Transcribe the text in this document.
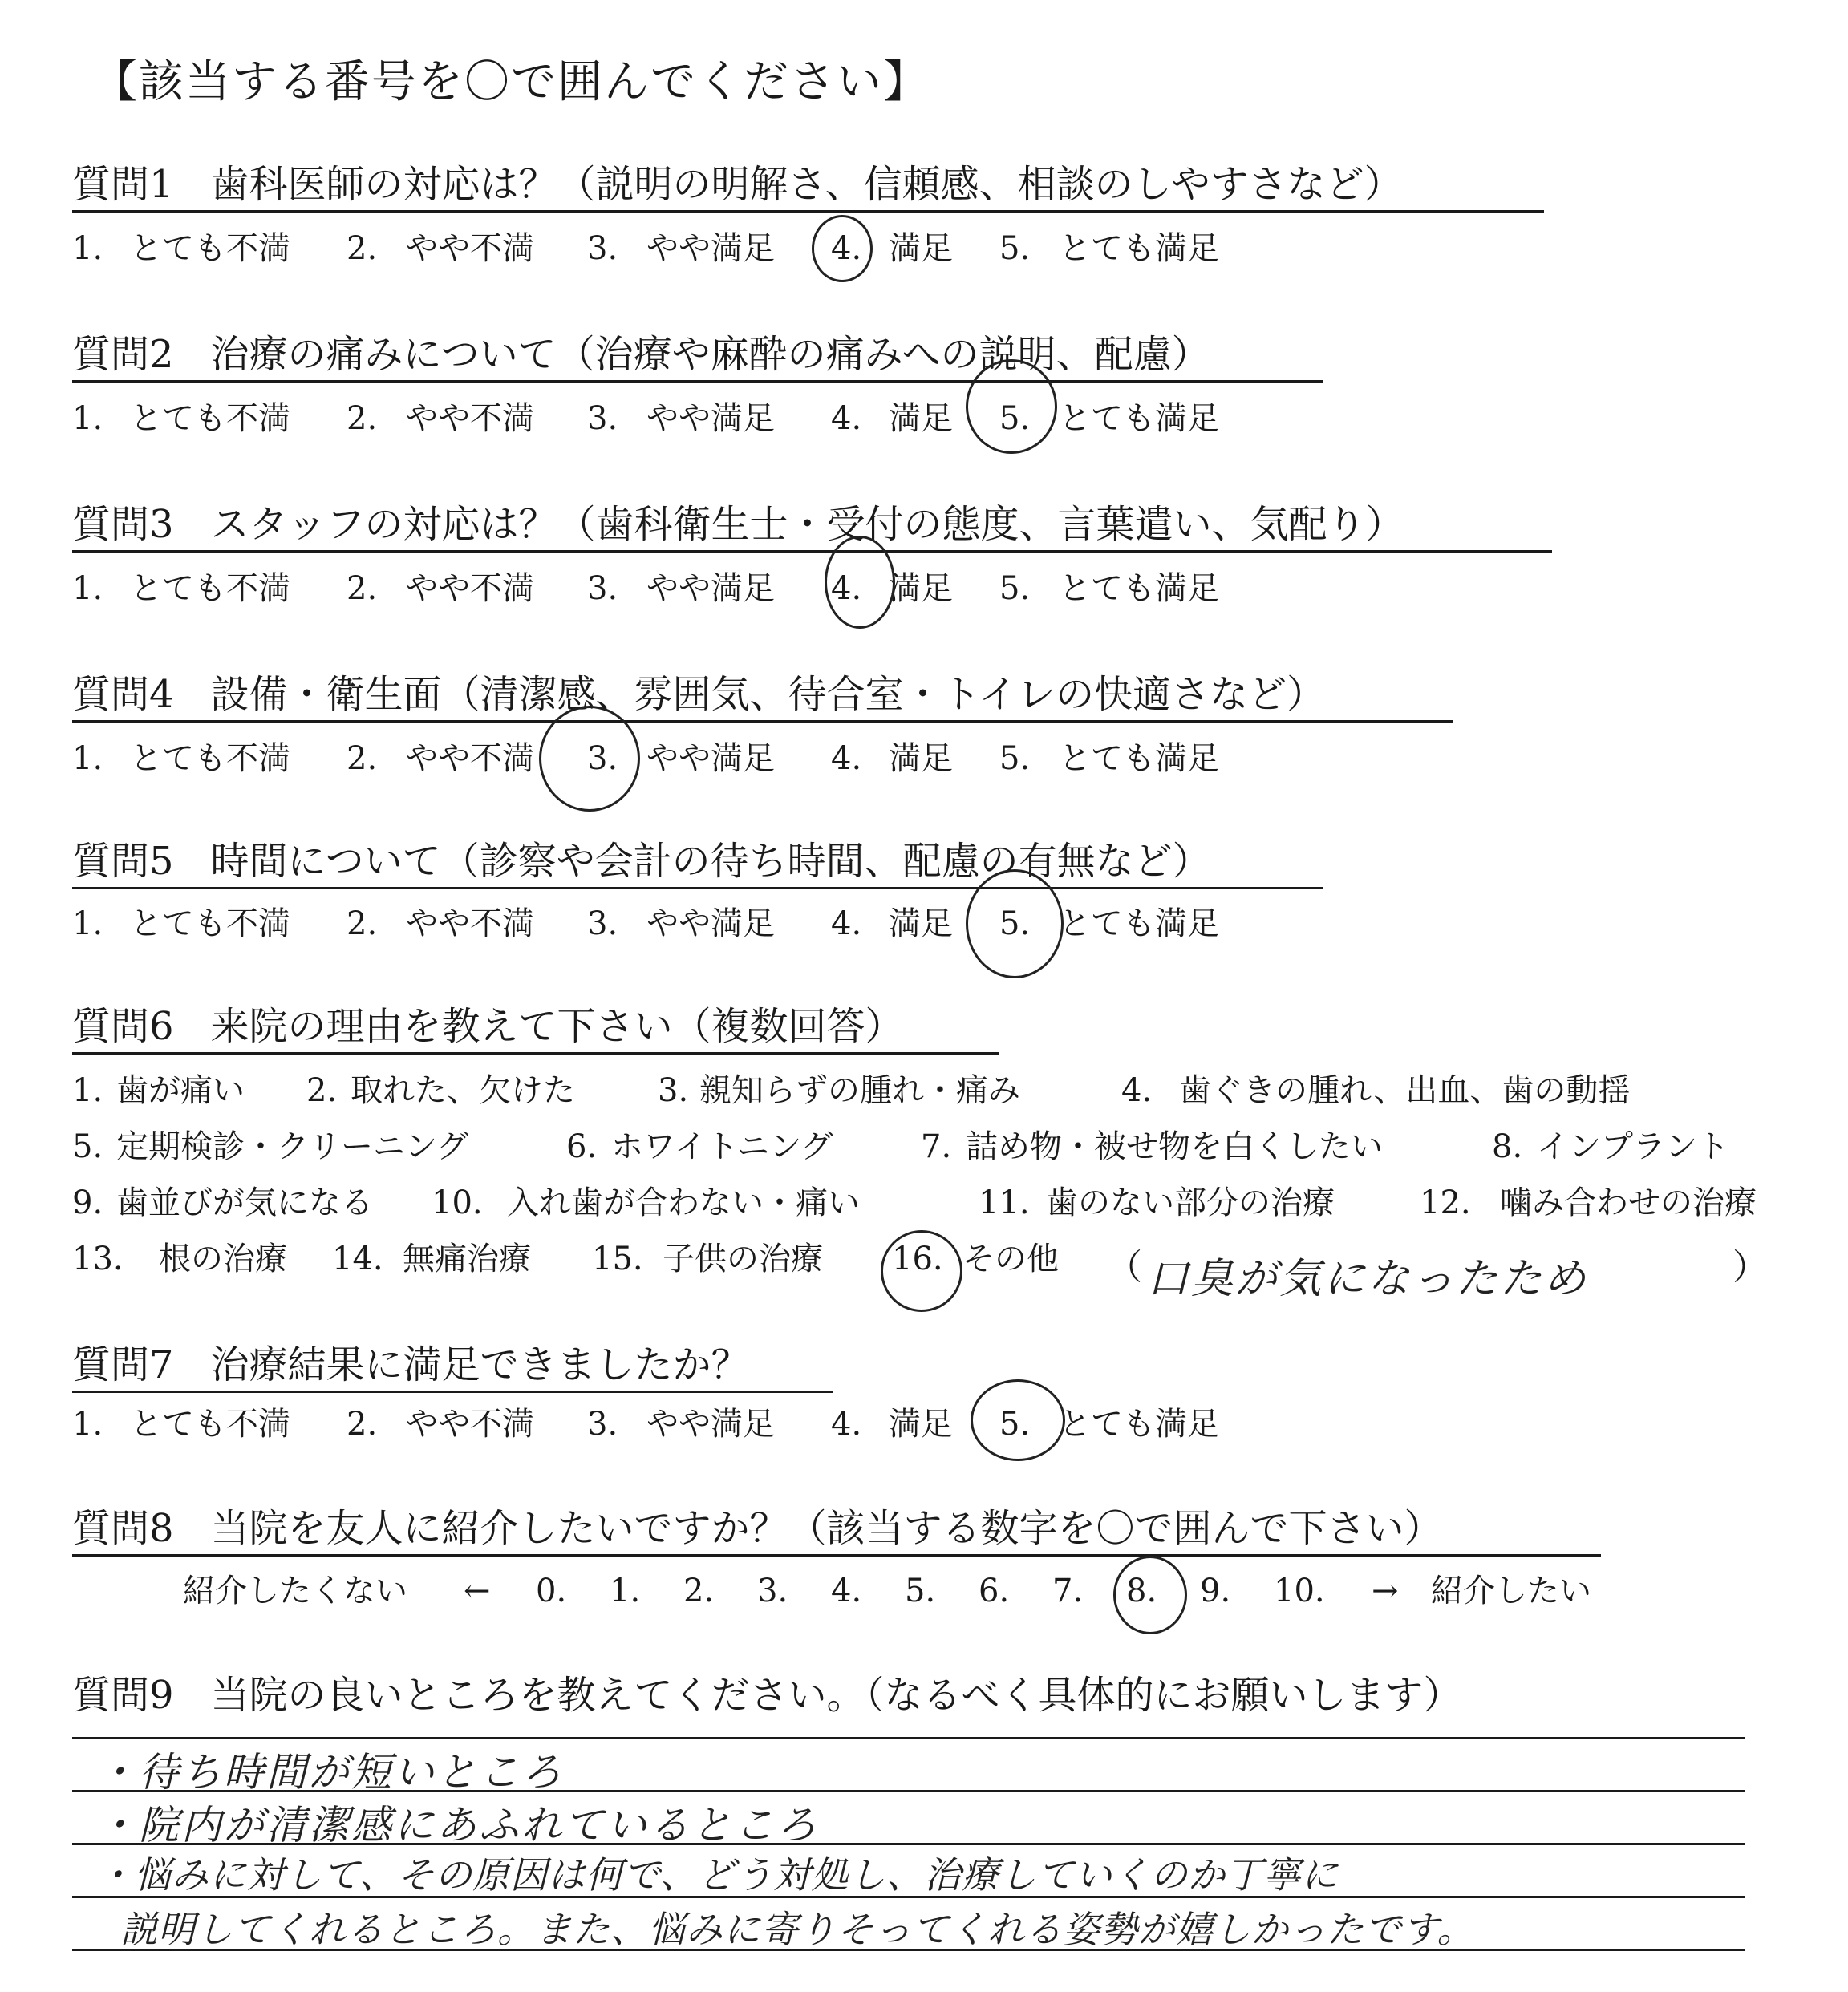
【該当する番号を〇で囲んでください】
質問1 歯科医師の対応は？（説明の明解さ、信頼感、相談のしやすさなど）
1. とても不満 2. やや不満 3. やや満足 4. 満足 5. とても満足
質問2 治療の痛みについて（治療や麻酔の痛みへの説明、配慮）
1. とても不満 2. やや不満 3. やや満足 4. 満足 5. とても満足
質問3 スタッフの対応は？（歯科衛生士・受付の態度、言葉遣い、気配り）
1. とても不満 2. やや不満 3. やや満足 4. 満足 5. とても満足
質問4 設備・衛生面（清潔感、雰囲気、待合室・トイレの快適さなど）
1. とても不満 2. やや不満 3. やや満足 4. 満足 5. とても満足
質問5 時間について（診察や会計の待ち時間、配慮の有無など）
1. とても不満 2. やや不満 3. やや満足 4. 満足 5. とても満足
質問6 来院の理由を教えて下さい（複数回答）
1. 歯が痛い 2. 取れた、欠けた	3. 親知らずの腫れ・痛み	4. 歯ぐきの腫れ、出血、歯の動揺
5. 定期検診・クリーニング	6. ホワイトニング	7. 詰め物・被せ物を白くしたい	8. インプラント
9. 歯並びが気になる 10. 入れ歯が合わない・痛い	11. 歯のない部分の治療	12. 噛み合わせの治療
13. 根の治療 14. 無痛治療 15. 子供の治療 16. その他 （ 口臭が気になったため	）
質問7 治療結果に満足できましたか？
1. とても不満 2. やや不満 3. やや満足 4. 満足 5. とても満足
質問8 当院を友人に紹介したいですか？（該当する数字を〇で囲んで下さい）
紹介したくない ← 0. 1. 2. 3. 4. 5. 6. 7. 8. 9. 10. → 紹介したい
質問9 当院の良いところを教えてください。（なるべく具体的にお願いします）
・待ち時間が短いところ
・院内が清潔感にあふれているところ
・悩みに対して、その原因は何で、どう対処し、治療していくのか丁寧に
説明してくれるところ。また、悩みに寄りそってくれる姿勢が嬉しかったです。
